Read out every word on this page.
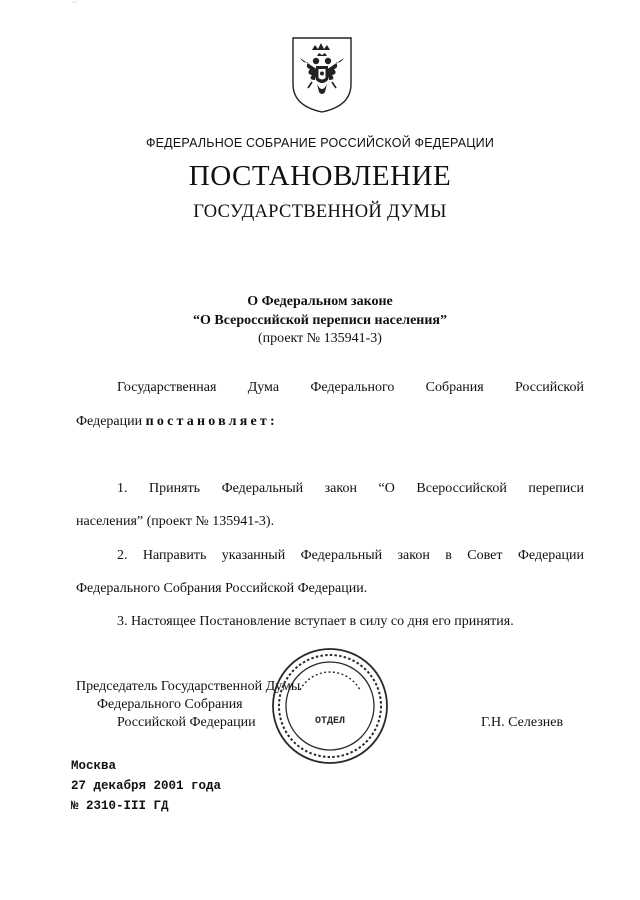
˙˙
ФЕДЕРАЛЬНОЕ СОБРАНИЕ РОССИЙСКОЙ ФЕДЕРАЦИИ
ПОСТАНОВЛЕНИЕ
ГОСУДАРСТВЕННОЙ ДУМЫ
О Федеральном законе
“О Всероссийской переписи населения”
(проект № 135941-3)
Государственная Дума Федерального Собрания Российской
Федерации постановляет:
1. Принять Федеральный закон “О Всероссийской переписи
населения” (проект № 135941-3).
2. Направить указанный Федеральный закон в Совет Федерации
Федерального Собрания Российской Федерации.
3. Настоящее Постановление вступает в силу со дня его принятия.
Председатель Государственной Думы
Федерального Собрания
Российской Федерации	Г.Н. Селезнев
ОТДЕЛ
Москва
27 декабря 2001 года
№ 2310-III ГД
